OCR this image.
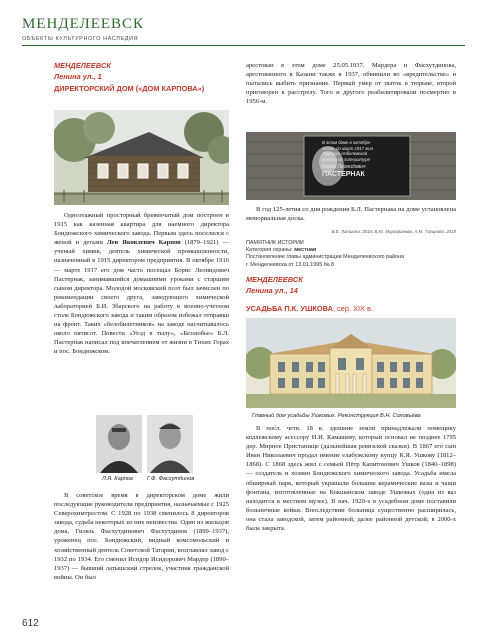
МЕНДЕЛЕЕВСК
ОБЪЕКТЫ КУЛЬТУРНОГО НАСЛЕДИЯ
МЕНДЕЛЕЕВСК
Ленина ул., 1
ДИРЕКТОРСКИЙ ДОМ («ДОМ КАРПОВА»)
Одноэтажный просторный бревенчатый дом построен в 1915 как казенная квартира для наемного директора Бондюжского химического завода. Первым здесь поселился с женой и детьми Лев Яковлевич Карпов (1879–1921) — ученый химик, деятель химической промышленности, назначенный в 1915 директором предприятия. В октябре 1916 — марте 1917 его дом часто посещал Борис Леонидович Пастернак, занимавшийся домашними уроками с старшим сыном директора. Молодой московский поэт был зачислен по рекомендации своего друга, заведующего химической лабораторией Б.И. Збарского на работу в военно-учетном столе Бондюжского завода и таким образом избежал отправки на фронт. Таких «белобилетников» на заводе насчитывалось около пятисот. Повести «Уезд в тылу», «Безлюбье» Б.Л. Пастернак написал под впечатлением от жизни в Тихих Горах и пос. Бондюжском.
Л.Я. Карпов	Г.Ф. Фасхутдинов
В советское время в директорском доме жили последующие руководители предприятия, назначаемые с 1925 Северохимтрестом. С 1928 по 1938 сменилось 8 директоров завода, судьба некоторых из них неизвестна. Один из жильцов дома, Гилязь Фасхутдинович Фасхутдинов (1899–1937), уроженец пос. Бондюжский, видный комсомольский и хозяйственный деятель Советской Татарии, возглавлял завод с 1932 по 1934. Его сменил Исидор Исидорович Мардер (1890–1937) — бывший латышский стрелок, участник гражданской войны. Он был
арестован в этом доме 25.05.1937. Мардера и Фасхутдинова, арестованного в Казани также в 1937, обвинили во «вредительстве» и пытались выбить признание. Первый умер от пыток в тюрьме, второй приговорен к расстрелу. Того и другого реабилитировали посмертно в 1956-м.
В этом доме в октябре
1916г. по март 1917 жил
Лауреат Нобелевской
премии по литературе
Борис Леонидович
ПАСТЕРНАК
В год 125-летия со дня рождения Б.Л. Пастернака на доме установлена мемориальная доска.
Б.Б. Лапшина, 2016; Б.Ю. Мирофанова, А.М. Тагирова, 2018
ПАМЯТНИК ИСТОРИИ
Категория охраны: местная
Постановление главы администрации Менделеевского района
г. Менделеевска от 13.01.1995 № 8
МЕНДЕЛЕЕВСК
Ленина ул., 14
УСАДЬБА П.К. УШКОВА, сер. XIX в.
Главный дом усадьбы Ушковых. Реконструкция В.Н. Соловьёва
В посл. четв. 18 в. здешние земли принадлежали помещику коллежскому асессору И.И. Камашеву, который основал не позднее 1795 дер. Мирное Пристанище (дальнейшая ревизской сказки). В 1867 его сын Иван Николаевич продал имение елабужскому купцу К.Я. Ушкову (1812–1868). С 1868 здесь жил с семьей Пётр Капитонович Ушков (1840–1898) — создатель и хозяин Бондюжского химического завода. Усадьба имела обширный парк, который украшали большие керамические вазы и чаши фонтана, изготовленные на Кокшанском заводе Ушковых (одна из ваз находится в местном музее). В нач. 1920-х в усадебном доме поставили больничные койки. Впоследствии больница существенно расширилась, она стала заводской, затем районной, далее районной детской; в 2000-х была закрыта.
612
